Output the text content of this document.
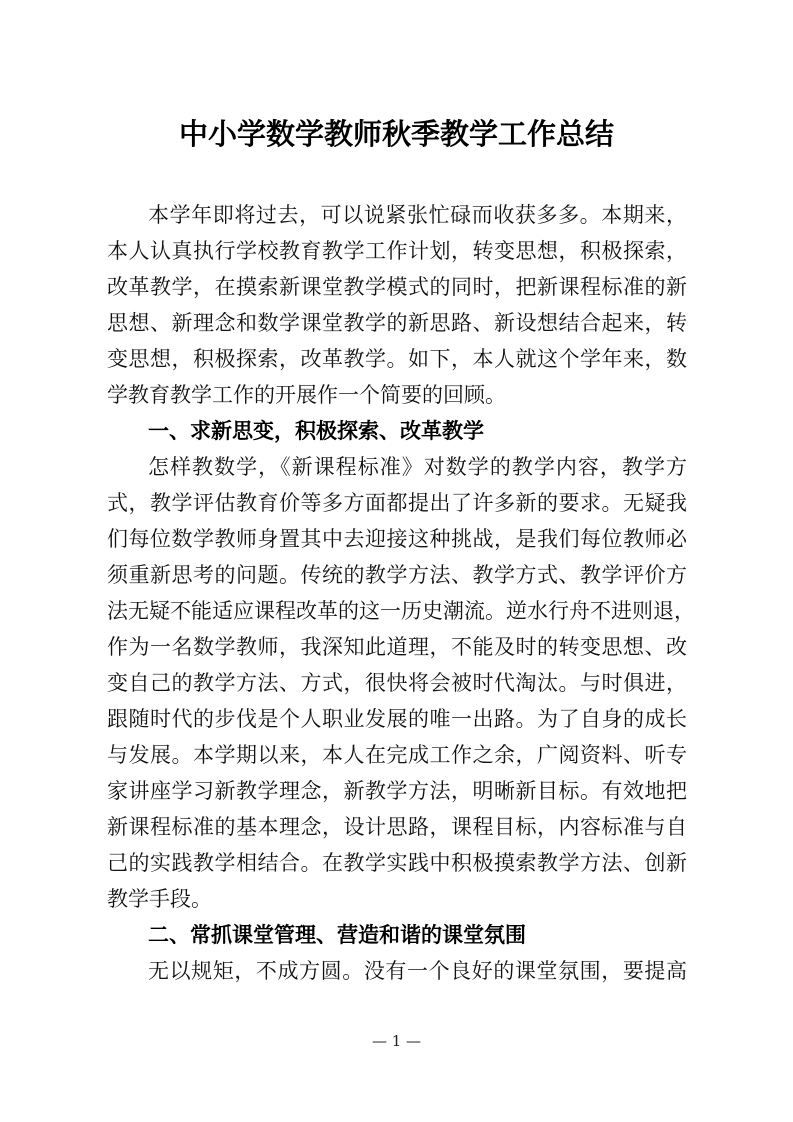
中小学数学教师秋季教学工作总结
本学年即将过去，可以说紧张忙碌而收获多多。本期来，
本人认真执行学校教育教学工作计划，转变思想，积极探索，
改革教学，在摸索新课堂教学模式的同时，把新课程标准的新
思想、新理念和数学课堂教学的新思路、新设想结合起来，转
变思想，积极探索，改革教学。如下，本人就这个学年来，数
学教育教学工作的开展作一个简要的回顾。
一、求新思变，积极探索、改革教学
怎样教数学，《新课程标准》对数学的教学内容，教学方
式，教学评估教育价等多方面都提出了许多新的要求。无疑我
们每位数学教师身置其中去迎接这种挑战，是我们每位教师必
须重新思考的问题。传统的教学方法、教学方式、教学评价方
法无疑不能适应课程改革的这一历史潮流。逆水行舟不进则退，
作为一名数学教师，我深知此道理，不能及时的转变思想、改
变自己的教学方法、方式，很快将会被时代淘汰。与时俱进，
跟随时代的步伐是个人职业发展的唯一出路。为了自身的成长
与发展。本学期以来，本人在完成工作之余，广阅资料、听专
家讲座学习新教学理念，新教学方法，明晰新目标。有效地把
新课程标准的基本理念，设计思路，课程目标，内容标准与自
己的实践教学相结合。在教学实践中积极摸索教学方法、创新
教学手段。
二、常抓课堂管理、营造和谐的课堂氛围
无以规矩，不成方圆。没有一个良好的课堂氛围，要提高
— 1 —
